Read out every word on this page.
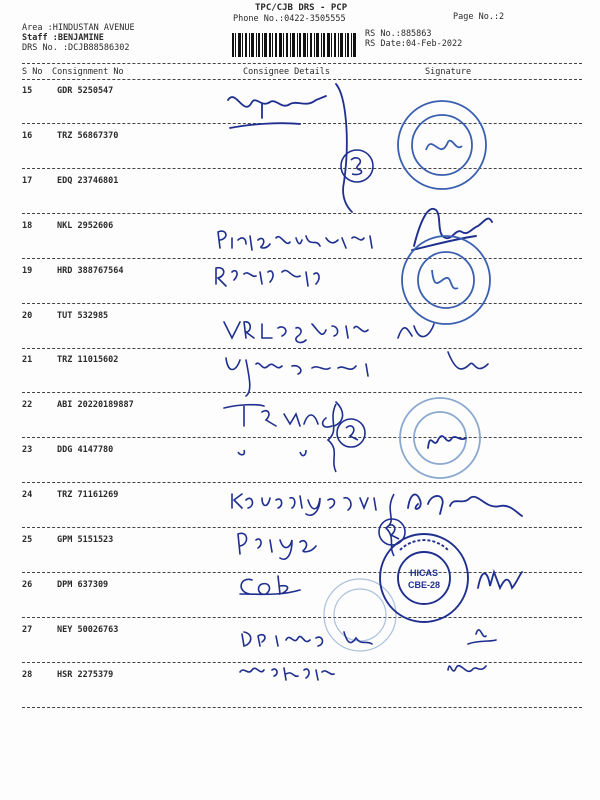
TPC/CJB DRS - PCP
Phone No.:0422-3505555	Page No.:2
Area :HINDUSTAN AVENUE
Staff :BENJAMINE
DRS No. :DCJB88586302
RS No.:885863
RS Date:04-Feb-2022
S No Consignment No	Consignee Details	Signature
15	GDR 5250547
16	TRZ 56867370
17	EDQ 23746801
18	NKL 2952606
19	HRD 388767564
20	TUT 532985
21	TRZ 11015602
22	ABI 20220189887
23	DDG 4147780
24	TRZ 71161269
25	GPM 5151523
26	DPM 637309
27	NEY 50026763
28	HSR 2275379
HICAS
CBE-28
